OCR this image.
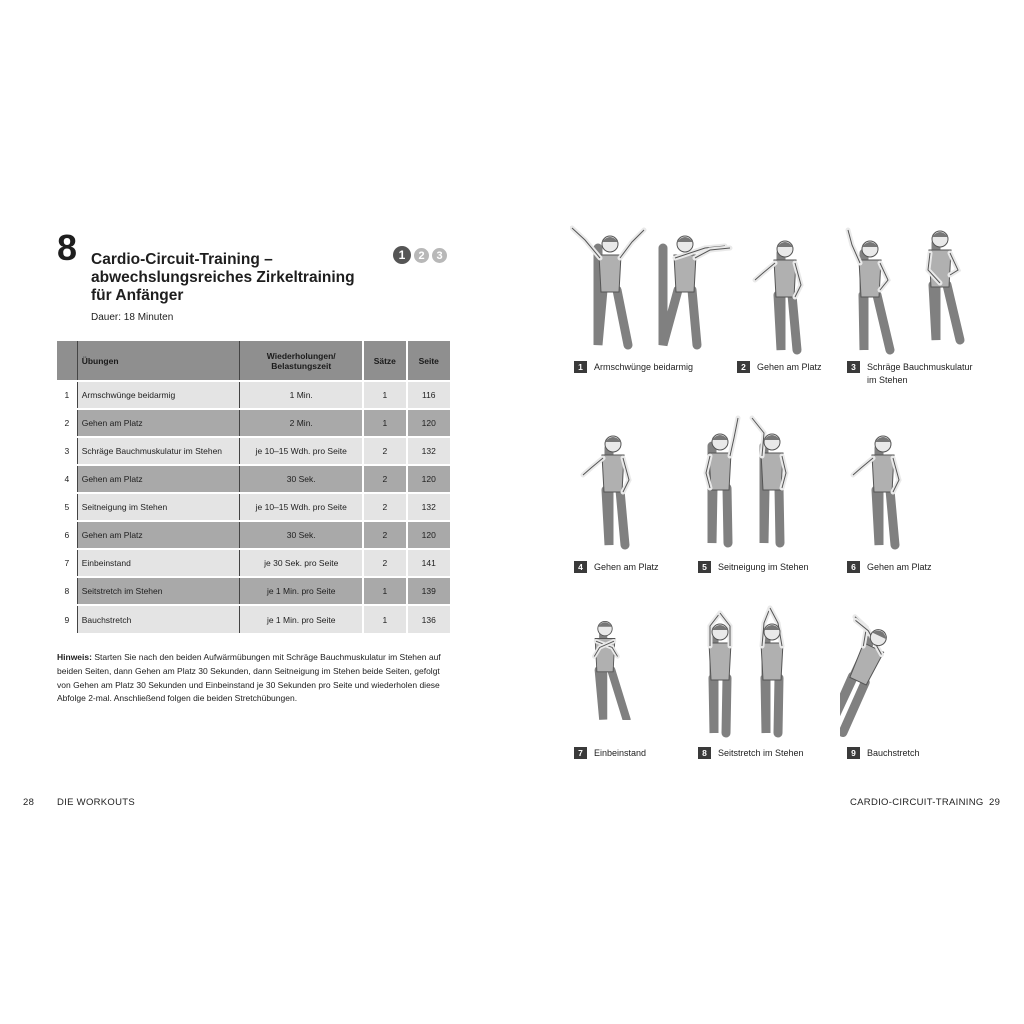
8 Cardio-Circuit-Training –
abwechslungsreiches Zirkeltraining
für Anfänger
1	2	3
Dauer: 18 Minuten
	Übungen	Wiederholungen/ Belastungszeit	Sätze	Seite
1	Armschwünge beidarmig	1 Min.	1	116
2	Gehen am Platz	2 Min.	1	120
3	Schräge Bauchmuskulatur im Stehen	je 10–15 Wdh. pro Seite	2	132
4	Gehen am Platz	30 Sek.	2	120
5	Seitneigung im Stehen	je 10–15 Wdh. pro Seite	2	132
6	Gehen am Platz	30 Sek.	2	120
7	Einbeinstand	je 30 Sek. pro Seite	2	141
8	Seitstretch im Stehen	je 1 Min. pro Seite	1	139
9	Bauchstretch	je 1 Min. pro Seite	1	136
Hinweis: Starten Sie nach den beiden Aufwärmübungen mit Schräge Bauchmuskulatur im Stehen auf beiden Seiten, dann Gehen am Platz 30 Sekunden, dann Seitneigung im Stehen beide Seiten, gefolgt von Gehen am Platz 30 Sekunden und Einbeinstand je 30 Sekunden pro Seite und wiederholen diese Abfolge 2-mal. Anschließend folgen die beiden Stretchübungen.
28 DIE WORKOUTS	CARDIO-CIRCUIT-TRAINING 29
1	Armschwünge beidarmig	2	Gehen am Platz	3	Schräge Bauchmuskulatur im Stehen
4	Gehen am Platz	5	Seitneigung im Stehen	6	Gehen am Platz
7	Einbeinstand	8	Seitstretch im Stehen	9	Bauchstretch
